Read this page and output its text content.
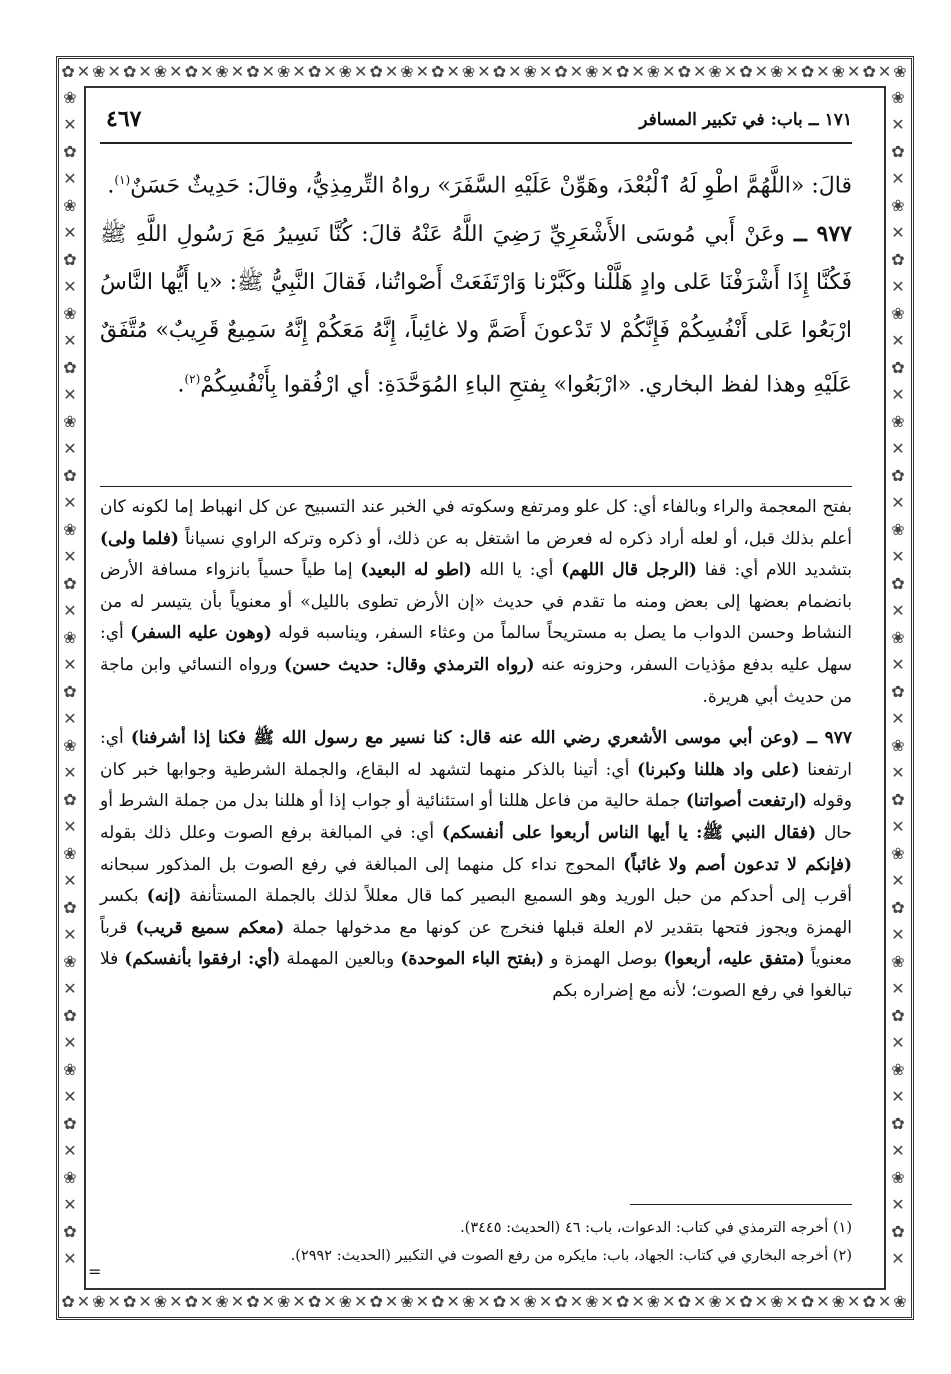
✿✕❀✕✿✕❀✕✿✕❀✕✿✕❀✕✿✕❀✕✿✕❀✕✿✕❀✕✿✕❀✕✿✕❀✕✿✕❀✕✿✕❀✕✿✕❀✕✿✕❀✕✿✕❀
✿✕❀✕✿✕❀✕✿✕❀✕✿✕❀✕✿✕❀✕✿✕❀✕✿✕❀✕✿✕❀✕✿✕❀✕✿✕❀✕✿✕❀✕✿✕❀✕✿✕❀✕✿✕❀
❀
✕
✿
✕
❀
✕
✿
✕
❀
✕
✿
✕
❀
✕
✿
✕
❀
✕
✿
✕
❀
✕
✿
✕
❀
✕
✿
✕
❀
✕
✿
✕
❀
✕
✿
✕
❀
✕
✿
✕
❀
✕
✿
✕
❀
✕
✿
✕
❀
✕
✿
✕
❀
✕
✿
✕
❀
✕
✿
✕
❀
✕
✿
✕
❀
✕
✿
✕
❀
✕
✿
✕
❀
✕
✿
✕
❀
✕
✿
✕
❀
✕
✿
✕
❀
✕
✿
✕
١٧١ ــ باب: في تكبير المسافر
٤٦٧

قالَ: «اللَّهُمَّ اطْوِ لَهُ ٱلْبُعْدَ، وهَوِّنْ عَلَيْهِ السَّفَرَ» رواهُ التِّرمِذِيُّ، وقالَ: حَدِيثٌ حَسَنٌ$^{(١)}$.

٩٧٧ ــ وعَنْ أَبي مُوسَى الأَشْعَرِيِّ رَضِيَ اللَّهُ عَنْهُ قالَ: كُنَّا نَسِيرُ مَعَ رَسُولِ اللَّهِ ﷺ فَكُنَّا إِذَا أَشْرَفْنَا عَلى وادٍ هَلَّلْنا وكَبَّرْنا وَارْتَفَعَتْ أَصْواتُنا، فَقالَ النَّبِيُّ ﷺ: «يا أَيُّها النَّاسُ ارْبَعُوا عَلى أَنْفُسِكُمْ فَإِنَّكُمْ لا تَدْعونَ أَصَمَّ ولا غائِباً، إِنَّهُ مَعَكُمْ إِنَّهُ سَمِيعٌ قَرِيبٌ» مُتَّفَقٌ عَلَيْهِ وهذا لفظ البخاري. «ارْبَعُوا» بِفتحِ الباءِ المُوَحَّدَةِ: أي ارْفُقوا بِأَنْفُسِكُمْ$^{(٢)}$.

بفتح المعجمة والراء وبالفاء أي: كل علو ومرتفع وسكوته في الخبر عند التسبيح عن كل انهباط إما لكونه كان أعلم بذلك قبل، أو لعله أراد ذكره له فعرض ما اشتغل به عن ذلك، أو ذكره وتركه الراوي نسياناً (فلما ولى) بتشديد اللام أي: قفا (الرجل قال اللهم) أي: يا الله (اطو له البعيد) إما طياً حسياً بانزواء مسافة الأرض بانضمام بعضها إلى بعض ومنه ما تقدم في حديث «إن الأرض تطوى بالليل» أو معنوياً بأن يتيسر له من النشاط وحسن الدواب ما يصل به مستريحاً سالماً من وعثاء السفر، ويناسبه قوله (وهون عليه السفر) أي: سهل عليه بدفع مؤذيات السفر، وحزونه عنه (رواه الترمذي وقال: حديث حسن) ورواه النسائي وابن ماجة من حديث أبي هريرة.

٩٧٧ ــ (وعن أبي موسى الأشعري رضي الله عنه قال: كنا نسير مع رسول الله ﷺ فكنا إذا أشرفنا) أي: ارتفعنا (على واد هللنا وكبرنا) أي: أتينا بالذكر منهما لتشهد له البقاع، والجملة الشرطية وجوابها خبر كان وقوله (ارتفعت أصواتنا) جملة حالية من فاعل هللنا أو استئنائية أو جواب إذا أو هللنا بدل من جملة الشرط أو حال (فقال النبي ﷺ: يا أيها الناس أربعوا على أنفسكم) أي: في المبالغة برفع الصوت وعلل ذلك بقوله (فإنكم لا تدعون أصم ولا غائباً) المحوج نداء كل منهما إلى المبالغة في رفع الصوت بل المذكور سبحانه أقرب إلى أحدكم من حبل الوريد وهو السميع البصير كما قال معللاً لذلك بالجملة المستأنفة (إنه) بكسر الهمزة ويجوز فتحها بتقدير لام العلة قبلها فنخرج عن كونها مع مدخولها جملة (معكم سميع قريب) قرباً معنوياً (متفق عليه، أربعوا) بوصل الهمزة و (بفتح الباء الموحدة) وبالعين المهملة (أي: ارفقوا بأنفسكم) فلا تبالغوا في رفع الصوت؛ لأنه مع إضراره بكم

(١) أخرجه الترمذي في كتاب: الدعوات، باب: ٤٦ (الحديث: ٣٤٤٥).

(٢) أخرجه البخاري في كتاب: الجهاد، باب: مايكره من رفع الصوت في التكبير (الحديث: ٢٩٩٢).

=
